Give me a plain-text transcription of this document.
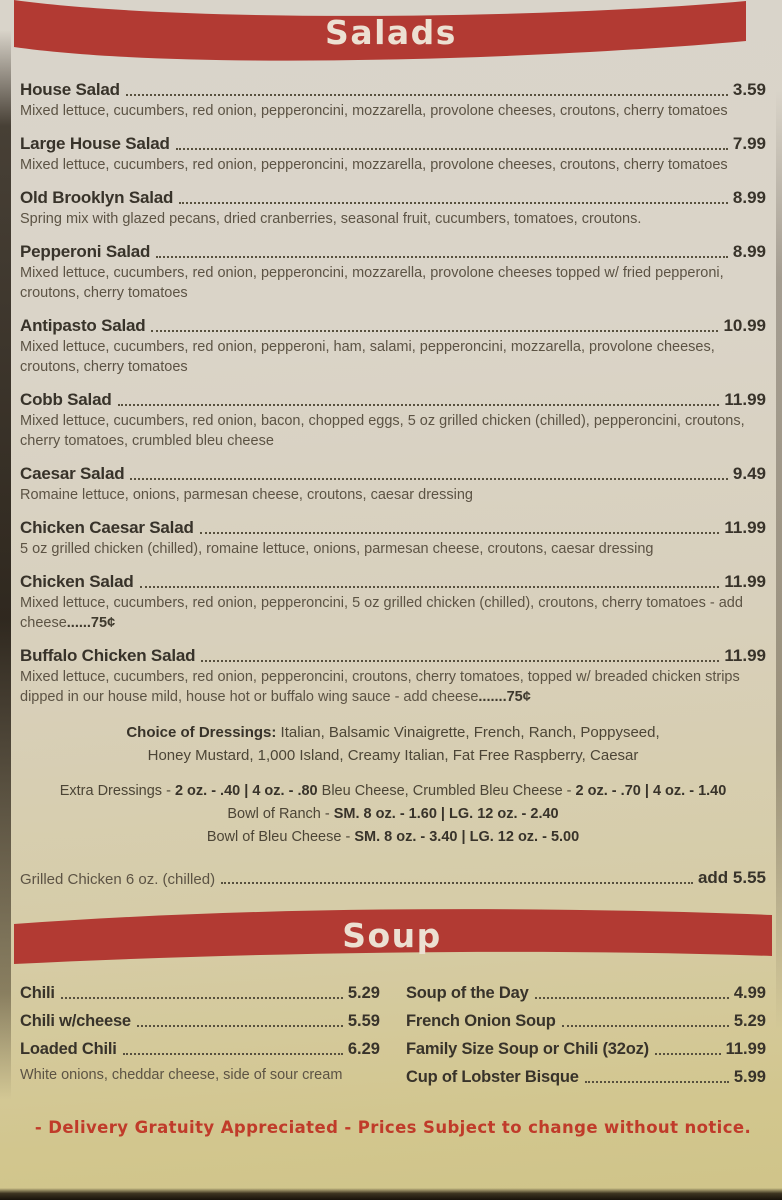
Salads
House Salad	3.59
Mixed lettuce, cucumbers, red onion, pepperoncini, mozzarella, provolone cheeses, croutons, cherry tomatoes
Large House Salad	7.99
Mixed lettuce, cucumbers, red onion, pepperoncini, mozzarella, provolone cheeses, croutons, cherry tomatoes
Old Brooklyn Salad	8.99
Spring mix with glazed pecans, dried cranberries, seasonal fruit, cucumbers, tomatoes, croutons.
Pepperoni Salad	8.99
Mixed lettuce, cucumbers, red onion, pepperoncini, mozzarella, provolone cheeses topped w/ fried pepperoni, croutons, cherry tomatoes
Antipasto Salad	10.99
Mixed lettuce, cucumbers, red onion, pepperoni, ham, salami, pepperoncini, mozzarella, provolone cheeses, croutons, cherry tomatoes
Cobb Salad	11.99
Mixed lettuce, cucumbers, red onion, bacon, chopped eggs, 5 oz grilled chicken (chilled), pepperoncini, croutons, cherry tomatoes, crumbled bleu cheese
Caesar Salad	9.49
Romaine lettuce, onions, parmesan cheese, croutons, caesar dressing
Chicken Caesar Salad	11.99
5 oz grilled chicken (chilled), romaine lettuce, onions, parmesan cheese, croutons, caesar dressing
Chicken Salad	11.99
Mixed lettuce, cucumbers, red onion, pepperoncini, 5 oz grilled chicken (chilled), croutons, cherry tomatoes - add cheese......75¢
Buffalo Chicken Salad	11.99
Mixed lettuce, cucumbers, red onion, pepperoncini, croutons, cherry tomatoes, topped w/ breaded chicken strips dipped in our house mild, house hot or buffalo wing sauce - add cheese.......75¢
Choice of Dressings: Italian, Balsamic Vinaigrette, French, Ranch, Poppyseed,
Honey Mustard, 1,000 Island, Creamy Italian, Fat Free Raspberry, Caesar
Extra Dressings - 2 oz. - .40 | 4 oz. - .80 Bleu Cheese, Crumbled Bleu Cheese - 2 oz. - .70 | 4 oz. - 1.40
Bowl of Ranch - SM. 8 oz. - 1.60 | LG. 12 oz. - 2.40
Bowl of Bleu Cheese - SM. 8 oz. - 3.40 | LG. 12 oz. - 5.00
Grilled Chicken 6 oz. (chilled)	add 5.55
Soup
Chili	5.29
Chili w/cheese	5.59
Loaded Chili	6.29
White onions, cheddar cheese, side of sour cream
Soup of the Day	4.99
French Onion Soup	5.29
Family Size Soup or Chili (32oz)	11.99
Cup of Lobster Bisque	5.99
- Delivery Gratuity Appreciated - Prices Subject to change without notice.
